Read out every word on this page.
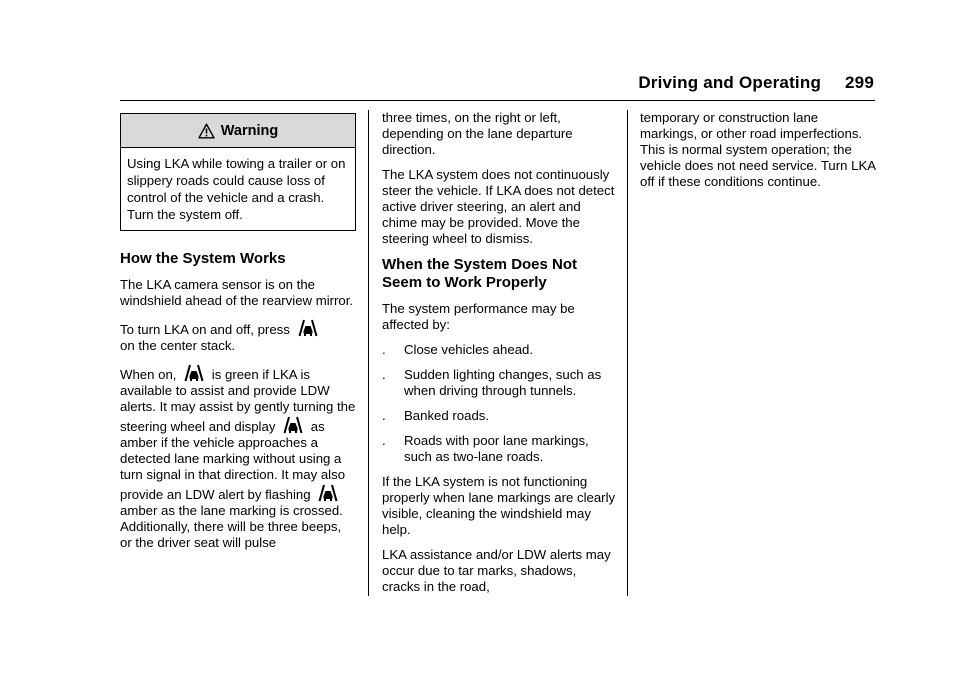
Driving and Operating 299
Warning
Using LKA while towing a trailer or on slippery roads could cause loss of control of the vehicle and a crash. Turn the system off.
How the System Works

The LKA camera sensor is on the windshield ahead of the rearview mirror.

To turn LKA on and off, press
on the center stack.

When on,	is green if LKA is available to assist and provide LDW alerts. It may assist by gently turning the steering wheel and display	as amber if the vehicle approaches a detected lane marking without using a turn signal in that direction. It may also provide an LDW alert by flashing  amber as the lane marking is crossed. Additionally, there will be three beeps, or the driver seat will pulse

three times, on the right or left, depending on the lane departure direction.

The LKA system does not continuously steer the vehicle. If LKA does not detect active driver steering, an alert and chime may be provided. Move the steering wheel to dismiss.

When the System Does Not Seem to Work Properly

The system performance may be affected by:

. Close vehicles ahead.
. Sudden lighting changes, such as when driving through tunnels.
. Banked roads.
. Roads with poor lane markings, such as two-lane roads.

If the LKA system is not functioning properly when lane markings are clearly visible, cleaning the windshield may help.

LKA assistance and/or LDW alerts may occur due to tar marks, shadows, cracks in the road,

temporary or construction lane markings, or other road imperfections. This is normal system operation; the vehicle does not need service. Turn LKA off if these conditions continue.
